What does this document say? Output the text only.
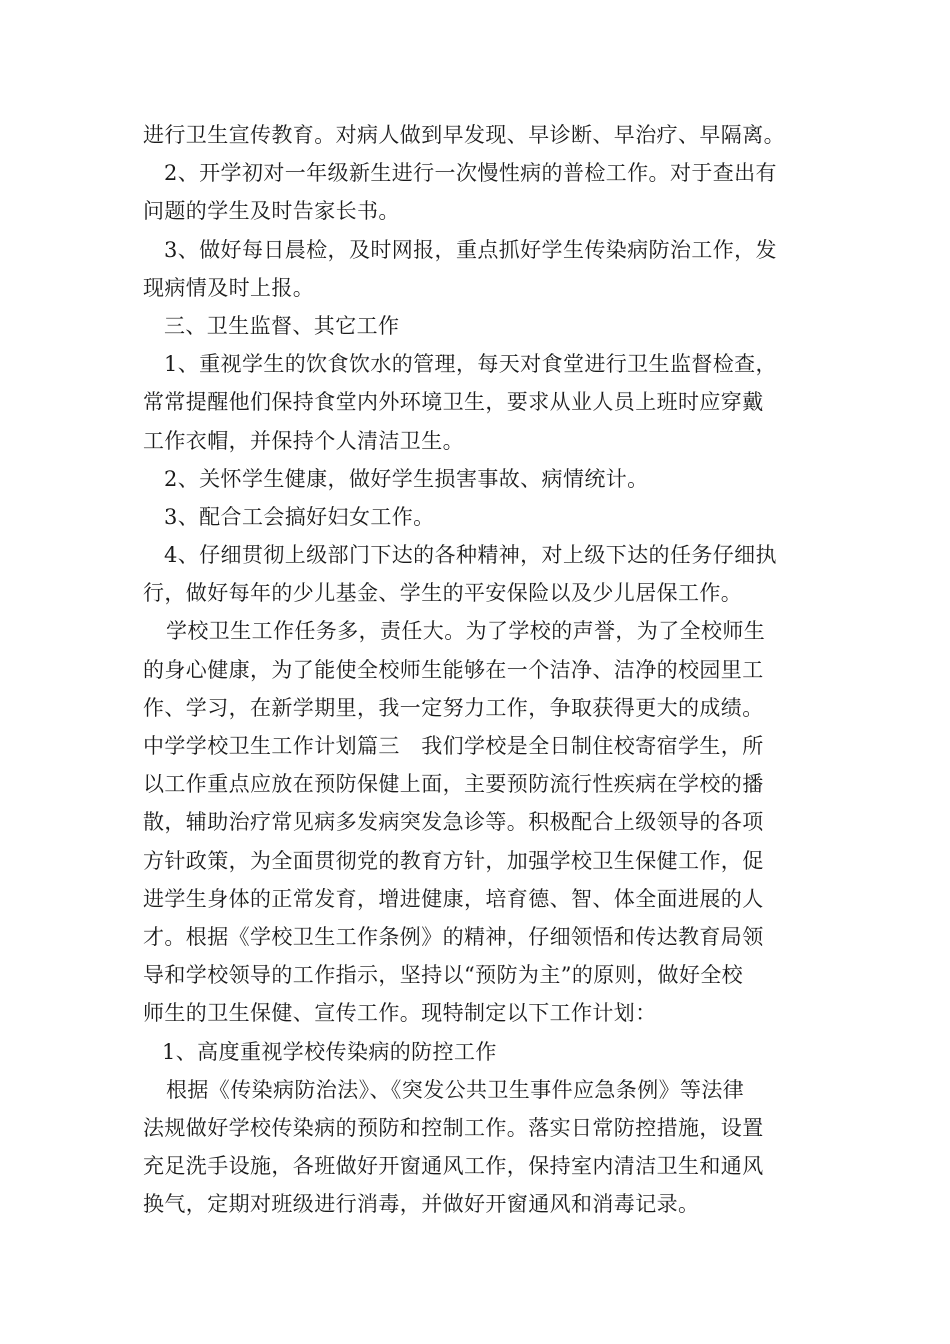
进行卫生宣传教育。对病人做到早发现、早诊断、早治疗、早隔离。
2、开学初对一年级新生进行一次慢性病的普检工作。对于查出有
问题的学生及时告家长书。
3、做好每日晨检，及时网报，重点抓好学生传染病防治工作，发
现病情及时上报。
三、卫生监督、其它工作
1、重视学生的饮食饮水的管理，每天对食堂进行卫生监督检查，
常常提醒他们保持食堂内外环境卫生，要求从业人员上班时应穿戴
工作衣帽，并保持个人清洁卫生。
2、关怀学生健康，做好学生损害事故、病情统计。
3、配合工会搞好妇女工作。
4、仔细贯彻上级部门下达的各种精神，对上级下达的任务仔细执
行，做好每年的少儿基金、学生的平安保险以及少儿居保工作。
学校卫生工作任务多，责任大。为了学校的声誉，为了全校师生
的身心健康，为了能使全校师生能够在一个洁净、洁净的校园里工
作、学习，在新学期里，我一定努力工作，争取获得更大的成绩。
中学学校卫生工作计划篇三　我们学校是全日制住校寄宿学生，所
以工作重点应放在预防保健上面，主要预防流行性疾病在学校的播
散，辅助治疗常见病多发病突发急诊等。积极配合上级领导的各项
方针政策，为全面贯彻党的教育方针，加强学校卫生保健工作，促
进学生身体的正常发育，增进健康，培育德、智、体全面进展的人
才。根据《学校卫生工作条例》的精神，仔细领悟和传达教育局领
导和学校领导的工作指示，坚持以“预防为主”的原则，做好全校
师生的卫生保健、宣传工作。现特制定以下工作计划：
1、高度重视学校传染病的防控工作
根据《传染病防治法》、《突发公共卫生事件应急条例》等法律
法规做好学校传染病的预防和控制工作。落实日常防控措施，设置
充足洗手设施，各班做好开窗通风工作，保持室内清洁卫生和通风
换气，定期对班级进行消毒，并做好开窗通风和消毒记录。
